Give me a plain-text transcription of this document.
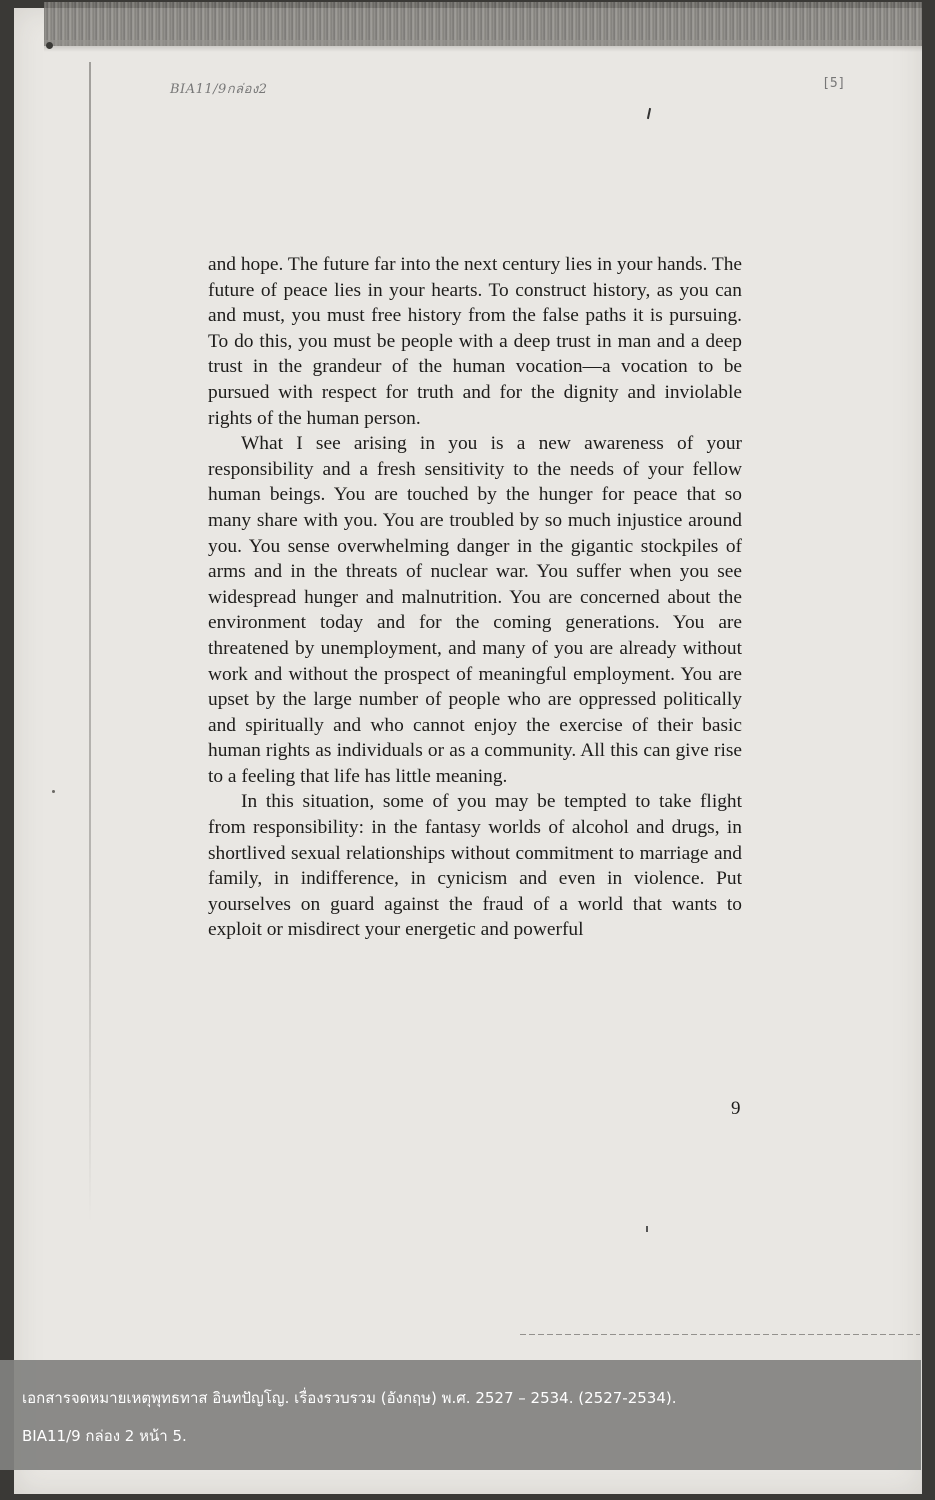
BIA11/9กล่อง2	[5]

and hope. The future far into the next century lies in your hands. The future of peace lies in your hearts. To construct history, as you can and must, you must free history from the false paths it is pursuing. To do this, you must be people with a deep trust in man and a deep trust in the grandeur of the human vocation—a vocation to be pursued with respect for truth and for the dignity and inviolable rights of the human person.

What I see arising in you is a new awareness of your responsibility and a fresh sensitivity to the needs of your fellow human beings. You are touched by the hunger for peace that so many share with you. You are troubled by so much injustice around you. You sense overwhelming danger in the gigantic stockpiles of arms and in the threats of nuclear war. You suffer when you see widespread hunger and malnutrition. You are concerned about the environment today and for the coming generations. You are threatened by unemployment, and many of you are already without work and without the prospect of meaningful employment. You are upset by the large number of people who are oppressed politically and spiritually and who cannot enjoy the exercise of their basic human rights as individuals or as a community. All this can give rise to a feeling that life has little meaning.

In this situation, some of you may be tempted to take flight from responsibility: in the fantasy worlds of alcohol and drugs, in shortlived sexual relationships without commitment to marriage and family, in indifference, in cynicism and even in violence. Put yourselves on guard against the fraud of a world that wants to exploit or misdirect your energetic and powerful

9
เอกสารจดหมายเหตุพุทธทาส อินทปัญโญ. เรื่องรวบรวม (อังกฤษ) พ.ศ. 2527 – 2534. (2527-2534).
BIA11/9 กล่อง 2 หน้า 5.
